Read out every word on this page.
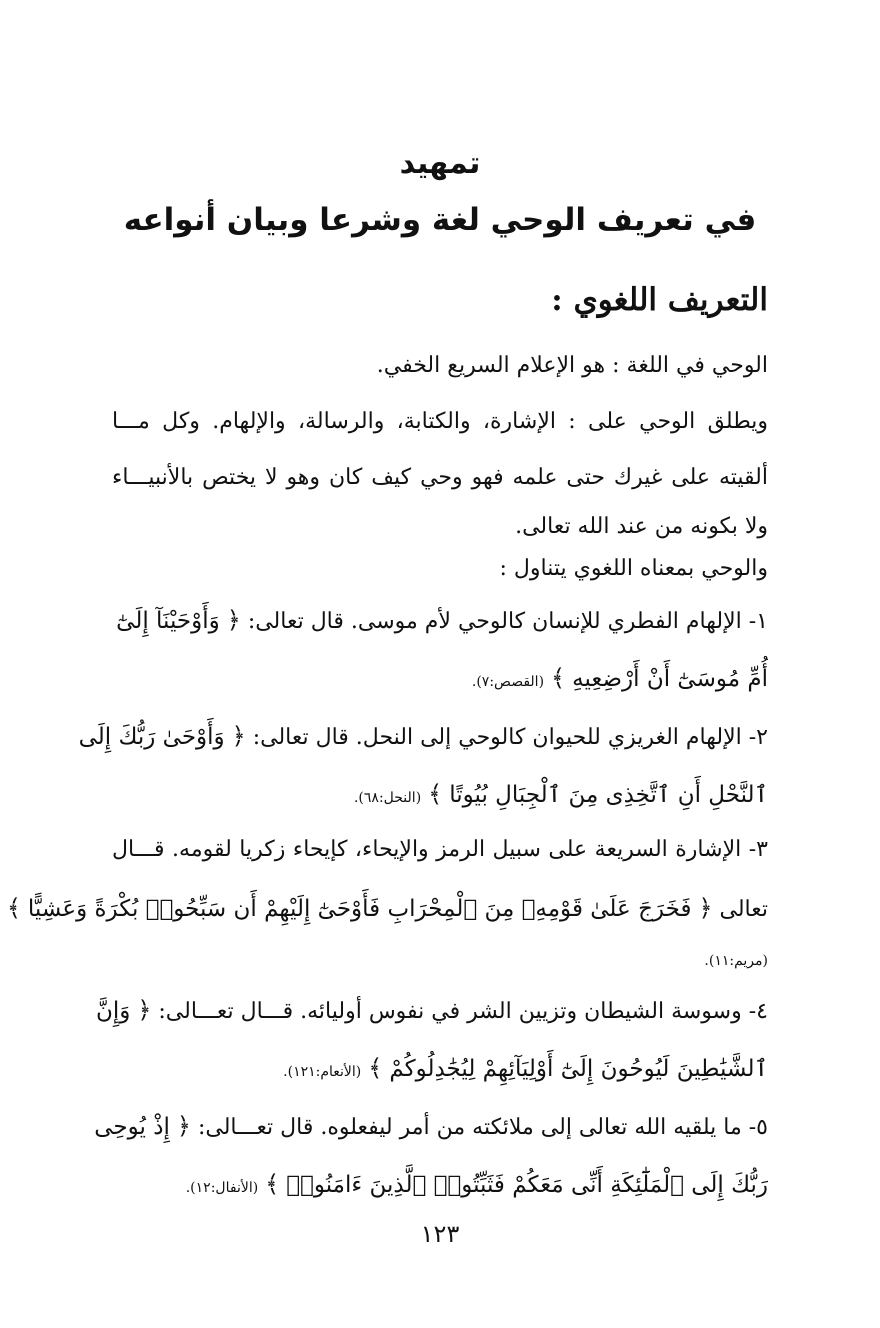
تمهيد
في تعريف الوحي لغة وشرعا وبيان أنواعه
التعريف اللغوي :
الوحي في اللغة : هو الإعلام السريع الخفي.
ويطلق الوحي على : الإشارة، والكتابة، والرسالة، والإلهام. وكل مـــا
ألقيته على غيرك حتى علمه فهو وحي كيف كان وهو لا يختص بالأنبيـــاء
ولا بكونه من عند الله تعالى.
والوحي بمعناه اللغوي يتناول :
١- الإلهام الفطري للإنسان كالوحي لأم موسى. قال تعالى: ﴿ وَأَوْحَيْنَآ إِلَىٰٓ
أُمِّ مُوسَىٰٓ أَنْ أَرْضِعِيهِ ﴾ (القصص:٧).
٢- الإلهام الغريزي للحيوان كالوحي إلى النحل. قال تعالى: ﴿ وَأَوْحَىٰ رَبُّكَ إِلَى
ٱلنَّحْلِ أَنِ ٱتَّخِذِى مِنَ ٱلْجِبَالِ بُيُوتًا ﴾ (النحل:٦٨).
٣- الإشارة السريعة على سبيل الرمز والإيحاء، كإيحاء زكريا لقومه. قـــال
تعالى ﴿ فَخَرَجَ عَلَىٰ قَوْمِهِۦ مِنَ ٱلْمِحْرَابِ فَأَوْحَىٰٓ إِلَيْهِمْ أَن سَبِّحُوا۟ بُكْرَةً وَعَشِيًّا ﴾
(مريم:١١).
٤- وسوسة الشيطان وتزيين الشر في نفوس أوليائه. قـــال تعـــالى: ﴿ وَإِنَّ
ٱلشَّيَٰطِينَ لَيُوحُونَ إِلَىٰٓ أَوْلِيَآئِهِمْ لِيُجَٰدِلُوكُمْ ﴾ (الأنعام:١٢١).
٥- ما يلقيه الله تعالى إلى ملائكته من أمر ليفعلوه. قال تعـــالى: ﴿ إِذْ يُوحِى
رَبُّكَ إِلَى ٱلْمَلَٰٓئِكَةِ أَنِّى مَعَكُمْ فَثَبِّتُوا۟ ٱلَّذِينَ ءَامَنُوا۟ ﴾ (الأنفال:١٢).
١٢٣
